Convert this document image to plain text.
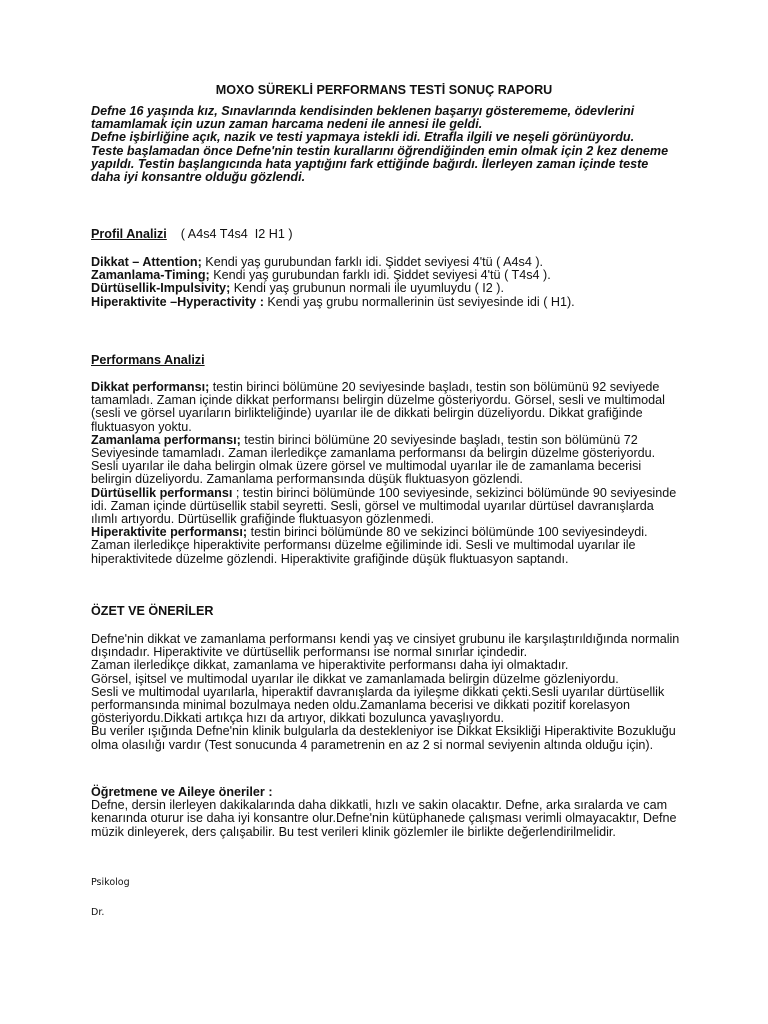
MOXO SÜREKLİ PERFORMANS TESTİ SONUÇ RAPORU

Defne 16 yaşında kız, Sınavlarında kendisinden beklenen başarıyı gösterememe, ödevlerini tamamlamak için uzun zaman harcama nedeni ile annesi ile geldi.

Defne işbirliğine açık, nazik ve testi yapmaya istekli idi. Etrafla ilgili ve neşeli görünüyordu.

Teste başlamadan önce Defne'nin testin kurallarını öğrendiğinden emin olmak için 2 kez deneme yapıldı. Testin başlangıcında hata yaptığını fark ettiğinde bağırdı. İlerleyen zaman içinde teste daha iyi konsantre olduğu gözlendi.

Profil Analizi    ( A4s4 T4s4  I2 H1 )
Dikkat – Attention; Kendi yaş gurubundan farklı idi. Şiddet seviyesi 4'tü ( A4s4 ).
Zamanlama-Timing; Kendi yaş gurubundan farklı idi. Şiddet seviyesi 4'tü ( T4s4 ).
Dürtüsellik-Impulsivity; Kendi yaş grubunun normali ile uyumluydu ( I2 ).
Hiperaktivite –Hyperactivity : Kendi yaş grubu normallerinin üst seviyesinde idi ( H1).
Performans Analizi

Dikkat performansı; testin birinci bölümüne 20 seviyesinde başladı, testin son bölümünü 92 seviyede tamamladı. Zaman içinde dikkat performansı belirgin düzelme gösteriyordu. Görsel, sesli ve multimodal (sesli ve görsel uyarıların birlikteliğinde) uyarılar ile de dikkati belirgin düzeliyordu. Dikkat grafiğinde fluktuasyon yoktu.

Zamanlama performansı; testin birinci bölümüne 20 seviyesinde başladı, testin son bölümünü 72 Seviyesinde tamamladı. Zaman ilerledikçe zamanlama performansı da belirgin düzelme gösteriyordu. Sesli uyarılar ile daha belirgin olmak üzere görsel ve multimodal uyarılar ile de zamanlama becerisi belirgin düzeliyordu. Zamanlama performansında düşük fluktuasyon gözlendi.

Dürtüsellik performansı ; testin birinci bölümünde 100 seviyesinde, sekizinci bölümünde 90 seviyesinde idi. Zaman içinde dürtüsellik stabil seyretti. Sesli, görsel ve multimodal uyarılar dürtüsel davranışlarda ılımlı artıyordu. Dürtüsellik grafiğinde fluktuasyon gözlenmedi.

Hiperaktivite performansı; testin birinci bölümünde 80 ve sekizinci bölümünde 100 seviyesindeydi. Zaman ilerledikçe hiperaktivite performansı düzelme eğiliminde idi. Sesli ve multimodal uyarılar ile hiperaktivitede düzelme gözlendi. Hiperaktivite grafiğinde düşük fluktuasyon saptandı.

ÖZET VE ÖNERİLER

Defne'nin dikkat ve zamanlama performansı kendi yaş ve cinsiyet grubunu ile karşılaştırıldığında normalin dışındadır. Hiperaktivite ve dürtüsellik performansı ise normal sınırlar içindedir.

Zaman ilerledikçe dikkat, zamanlama ve hiperaktivite performansı daha iyi olmaktadır.

Görsel, işitsel ve multimodal uyarılar ile dikkat ve zamanlamada belirgin düzelme gözleniyordu.

Sesli ve multimodal uyarılarla, hiperaktif davranışlarda da iyileşme dikkati çekti.Sesli uyarılar dürtüsellik performansında minimal bozulmaya neden oldu.Zamanlama becerisi ve dikkati pozitif korelasyon gösteriyordu.Dikkati artıkça hızı da artıyor, dikkati bozulunca yavaşlıyordu.

Bu veriler ışığında Defne'nin klinik bulgularla da destekleniyor ise Dikkat Eksikliği Hiperaktivite Bozukluğu olma olasılığı vardır (Test sonucunda 4 parametrenin en az 2 si normal seviyenin altında olduğu için).

Öğretmene ve Aileye öneriler :

Defne, dersin ilerleyen dakikalarında daha dikkatli, hızlı ve sakin olacaktır. Defne, arka sıralarda ve cam kenarında oturur ise daha iyi konsantre olur.Defne'nin kütüphanede çalışması verimli olmayacaktır, Defne müzik dinleyerek, ders çalışabilir. Bu test verileri klinik gözlemler ile birlikte değerlendirilmelidir.

Psikolog
Dr.
